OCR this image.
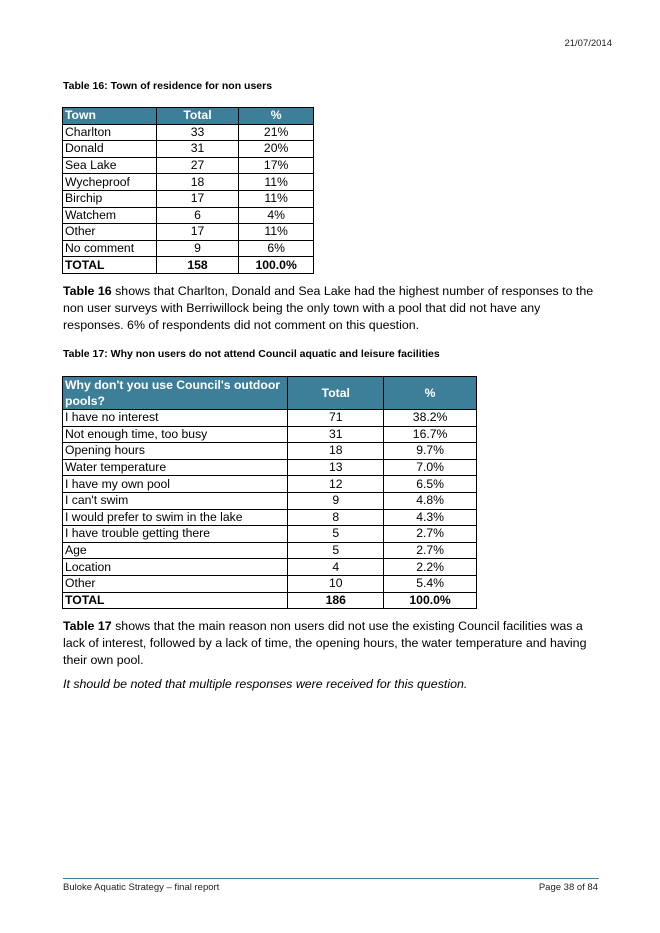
21/07/2014
Table 16: Town of residence for non users
Town	Total	%
Charlton	33	21%
Donald	31	20%
Sea Lake	27	17%
Wycheproof	18	11%
Birchip	17	11%
Watchem	6	4%
Other	17	11%
No comment	9	6%
TOTAL	158	100.0%
Table 16 shows that Charlton, Donald and Sea Lake had the highest number of responses to the non user surveys with Berriwillock being the only town with a pool that did not have any responses. 6% of respondents did not comment on this question.
Table 17: Why non users do not attend Council aquatic and leisure facilities
Why don't you use Council's outdoor pools?	Total	%
I have no interest	71	38.2%
Not enough time, too busy	31	16.7%
Opening hours	18	9.7%
Water temperature	13	7.0%
I have my own pool	12	6.5%
I can't swim	9	4.8%
I would prefer to swim in the lake	8	4.3%
I have trouble getting there	5	2.7%
Age	5	2.7%
Location	4	2.2%
Other	10	5.4%
TOTAL	186	100.0%
Table 17 shows that the main reason non users did not use the existing Council facilities was a lack of interest, followed by a lack of time, the opening hours, the water temperature and having their own pool.
It should be noted that multiple responses were received for this question.
Buloke Aquatic Strategy – final report	Page 38 of 84
